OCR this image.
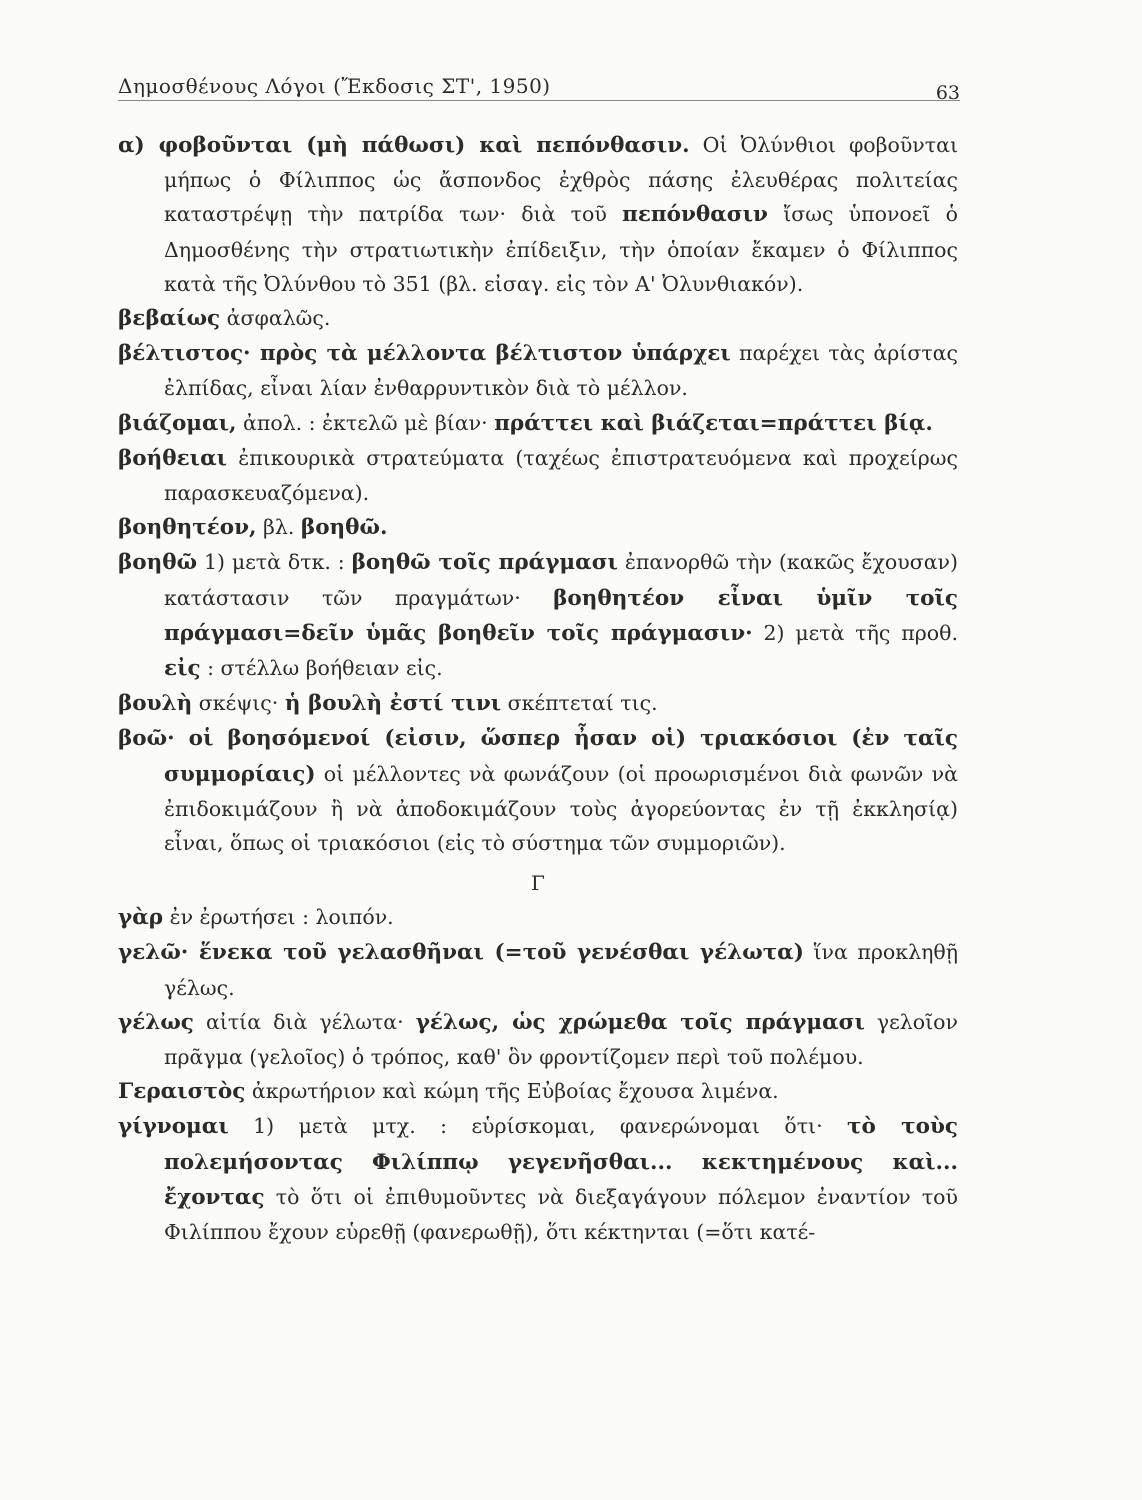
Δημοσθένους Λόγοι (Ἔκδοσις ΣΤ', 1950)	63

α) φοβοῦνται (μὴ πάθωσι) καὶ πεπόνθασιν. Οἱ Ὀλύνθιοι φοβοῦνται μήπως ὁ Φίλιππος ὡς ἄσπονδος ἐχθρὸς πάσης ἐλευθέρας πολιτείας καταστρέψῃ τὴν πατρίδα των· διὰ τοῦ πεπόνθασιν ἴσως ὑπονοεῖ ὁ Δημοσθένης τὴν στρατιωτικὴν ἐπίδειξιν, τὴν ὁποίαν ἔκαμεν ὁ Φίλιππος κατὰ τῆς Ὀλύνθου τὸ 351 (βλ. εἰσαγ. εἰς τὸν Α' Ὀλυνθιακόν).

βεβαίως ἀσφαλῶς.

βέλτιστος· πρὸς τὰ μέλλοντα βέλτιστον ὑπάρχει παρέχει τὰς ἀρίστας ἐλπίδας, εἶναι λίαν ἐνθαρρυντικὸν διὰ τὸ μέλλον.

βιάζομαι, ἀπολ. : ἐκτελῶ μὲ βίαν· πράττει καὶ βιάζεται=πράττει βίᾳ.

βοήθειαι ἐπικουρικὰ στρατεύματα (ταχέως ἐπιστρατευόμενα καὶ προχείρως παρασκευαζόμενα).

βοηθητέον, βλ. βοηθῶ.

βοηθῶ 1) μετὰ δτκ. : βοηθῶ τοῖς πράγμασι ἐπανορθῶ τὴν (κακῶς ἔχουσαν) κατάστασιν τῶν πραγμάτων· βοηθητέον εἶναι ὑμῖν τοῖς πράγμασι=δεῖν ὑμᾶς βοηθεῖν τοῖς πράγμασιν· 2) μετὰ τῆς προθ. εἰς : στέλλω βοήθειαν εἰς.

βουλὴ σκέψις· ἡ βουλὴ ἐστί τινι σκέπτεταί τις.

βοῶ· οἱ βοησόμενοί (εἰσιν, ὥσπερ ἦσαν οἱ) τριακόσιοι (ἐν ταῖς συμμορίαις) οἱ μέλλοντες νὰ φωνάζουν (οἱ προωρισμένοι διὰ φωνῶν νὰ ἐπιδοκιμάζουν ἢ νὰ ἀποδοκιμάζουν τοὺς ἀγορεύοντας ἐν τῇ ἐκκλησίᾳ) εἶναι, ὅπως οἱ τριακόσιοι (εἰς τὸ σύστημα τῶν συμμοριῶν).

Γ

γὰρ ἐν ἐρωτήσει : λοιπόν.

γελῶ· ἕνεκα τοῦ γελασθῆναι (=τοῦ γενέσθαι γέλωτα) ἵνα προκληθῇ γέλως.

γέλως αἰτία διὰ γέλωτα· γέλως, ὡς χρώμεθα τοῖς πράγμασι γελοῖον πρᾶγμα (γελοῖος) ὁ τρόπος, καθ' ὃν φροντίζομεν περὶ τοῦ πολέμου.

Γεραιστὸς ἀκρωτήριον καὶ κώμη τῆς Εὐβοίας ἔχουσα λιμένα.

γίγνομαι 1) μετὰ μτχ. : εὑρίσκομαι, φανερώνομαι ὅτι· τὸ τοὺς πολεμήσοντας Φιλίππῳ γεγενῆσθαι... κεκτημένους καὶ... ἔχοντας τὸ ὅτι οἱ ἐπιθυμοῦντες νὰ διεξαγάγουν πόλεμον ἐναντίον τοῦ Φιλίππου ἔχουν εὑρεθῇ (φανερωθῇ), ὅτι κέκτηνται (=ὅτι κατέ-
